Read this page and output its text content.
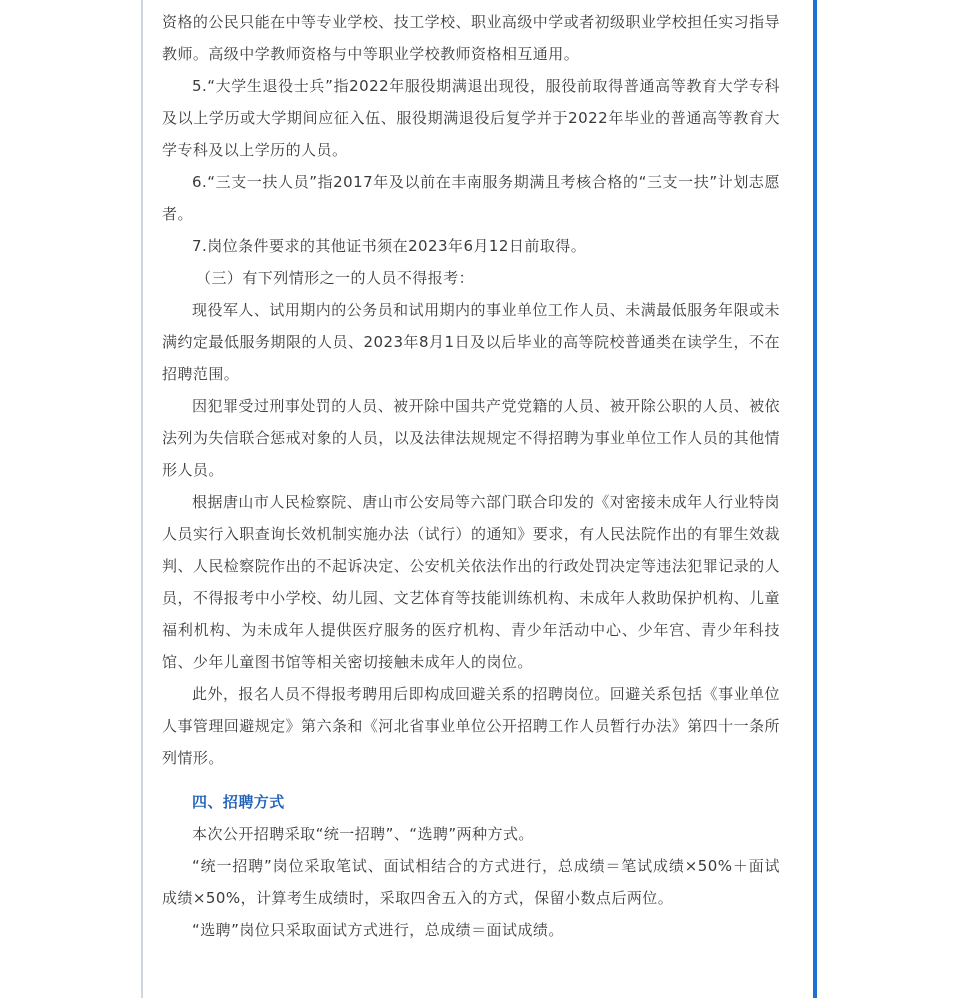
资格的公民只能在中等专业学校、技工学校、职业高级中学或者初级职业学校担任实习指导教师。高级中学教师资格与中等职业学校教师资格相互通用。

5.“大学生退役士兵”指2022年服役期满退出现役，服役前取得普通高等教育大学专科及以上学历或大学期间应征入伍、服役期满退役后复学并于2022年毕业的普通高等教育大学专科及以上学历的人员。

6.“三支一扶人员”指2017年及以前在丰南服务期满且考核合格的“三支一扶”计划志愿者。

7.岗位条件要求的其他证书须在2023年6月12日前取得。

（三）有下列情形之一的人员不得报考：

现役军人、试用期内的公务员和试用期内的事业单位工作人员、未满最低服务年限或未满约定最低服务期限的人员、2023年8月1日及以后毕业的高等院校普通类在读学生，不在招聘范围。

因犯罪受过刑事处罚的人员、被开除中国共产党党籍的人员、被开除公职的人员、被依法列为失信联合惩戒对象的人员，以及法律法规规定不得招聘为事业单位工作人员的其他情形人员。

根据唐山市人民检察院、唐山市公安局等六部门联合印发的《对密接未成年人行业特岗人员实行入职查询长效机制实施办法（试行）的通知》要求，有人民法院作出的有罪生效裁判、人民检察院作出的不起诉决定、公安机关依法作出的行政处罚决定等违法犯罪记录的人员，不得报考中小学校、幼儿园、文艺体育等技能训练机构、未成年人救助保护机构、儿童福利机构、为未成年人提供医疗服务的医疗机构、青少年活动中心、少年宫、青少年科技馆、少年儿童图书馆等相关密切接触未成年人的岗位。

此外，报名人员不得报考聘用后即构成回避关系的招聘岗位。回避关系包括《事业单位人事管理回避规定》第六条和《河北省事业单位公开招聘工作人员暂行办法》第四十一条所列情形。

四、招聘方式

本次公开招聘采取“统一招聘”、“选聘”两种方式。

“统一招聘”岗位采取笔试、面试相结合的方式进行，总成绩＝笔试成绩×50%＋面试成绩×50%，计算考生成绩时，采取四舍五入的方式，保留小数点后两位。

“选聘”岗位只采取面试方式进行，总成绩＝面试成绩。
